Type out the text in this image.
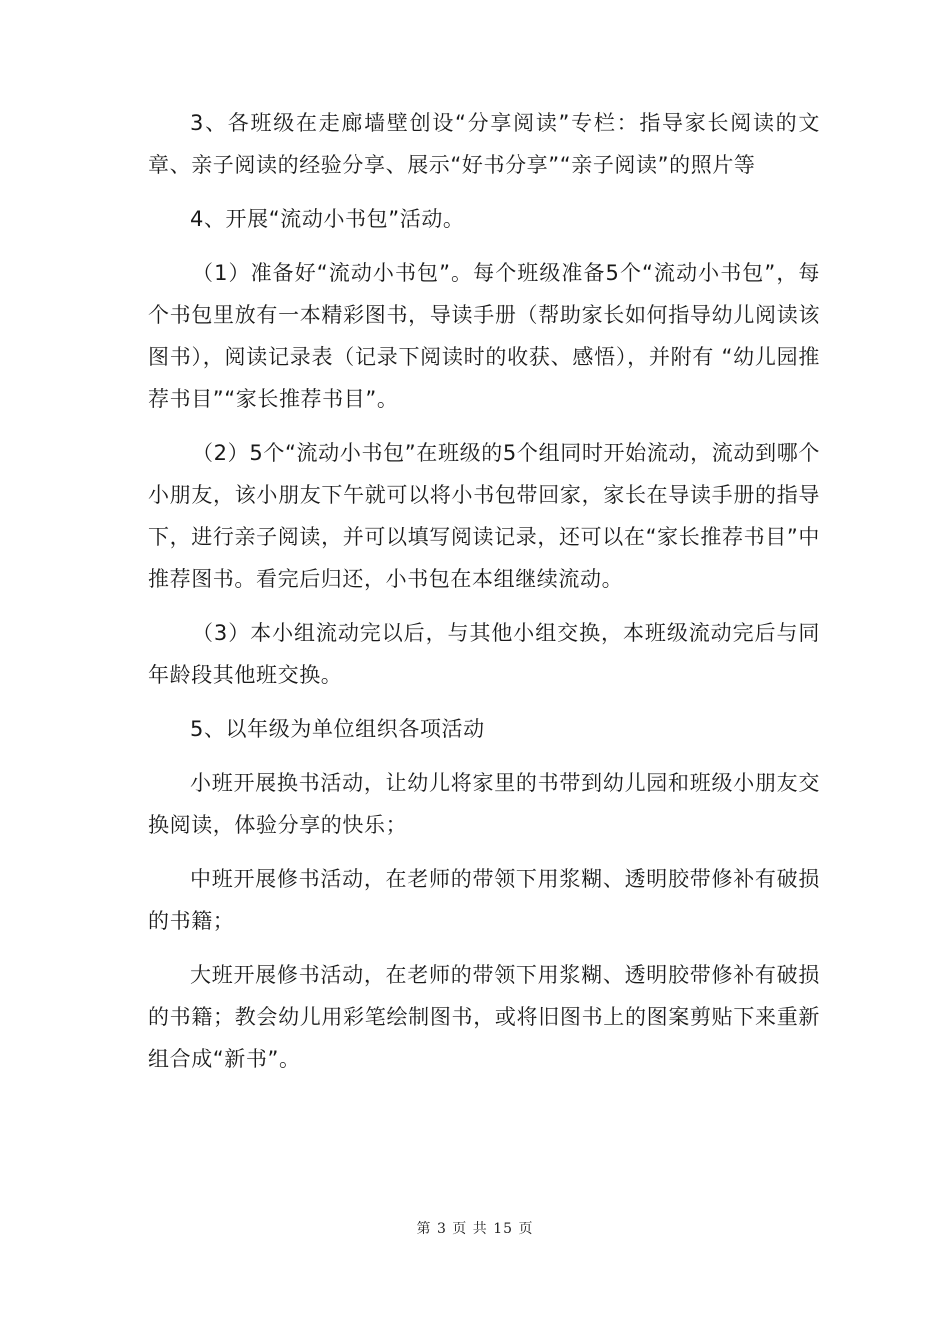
3、各班级在走廊墙壁创设“分享阅读”专栏：指导家长阅读的文章、亲子阅读的经验分享、展示“好书分享”“亲子阅读”的照片等

4、开展“流动小书包”活动。

（1）准备好“流动小书包”。每个班级准备5个“流动小书包”，每个书包里放有一本精彩图书，导读手册（帮助家长如何指导幼儿阅读该图书），阅读记录表（记录下阅读时的收获、感悟），并附有 “幼儿园推荐书目”“家长推荐书目”。

（2）5个“流动小书包”在班级的5个组同时开始流动，流动到哪个小朋友，该小朋友下午就可以将小书包带回家，家长在导读手册的指导下，进行亲子阅读，并可以填写阅读记录，还可以在“家长推荐书目”中推荐图书。看完后归还，小书包在本组继续流动。

（3）本小组流动完以后，与其他小组交换，本班级流动完后与同年龄段其他班交换。

5、以年级为单位组织各项活动

小班开展换书活动，让幼儿将家里的书带到幼儿园和班级小朋友交换阅读，体验分享的快乐；

中班开展修书活动，在老师的带领下用浆糊、透明胶带修补有破损的书籍；

大班开展修书活动，在老师的带领下用浆糊、透明胶带修补有破损的书籍；教会幼儿用彩笔绘制图书，或将旧图书上的图案剪贴下来重新组合成“新书”。

第 3 页 共 15 页
